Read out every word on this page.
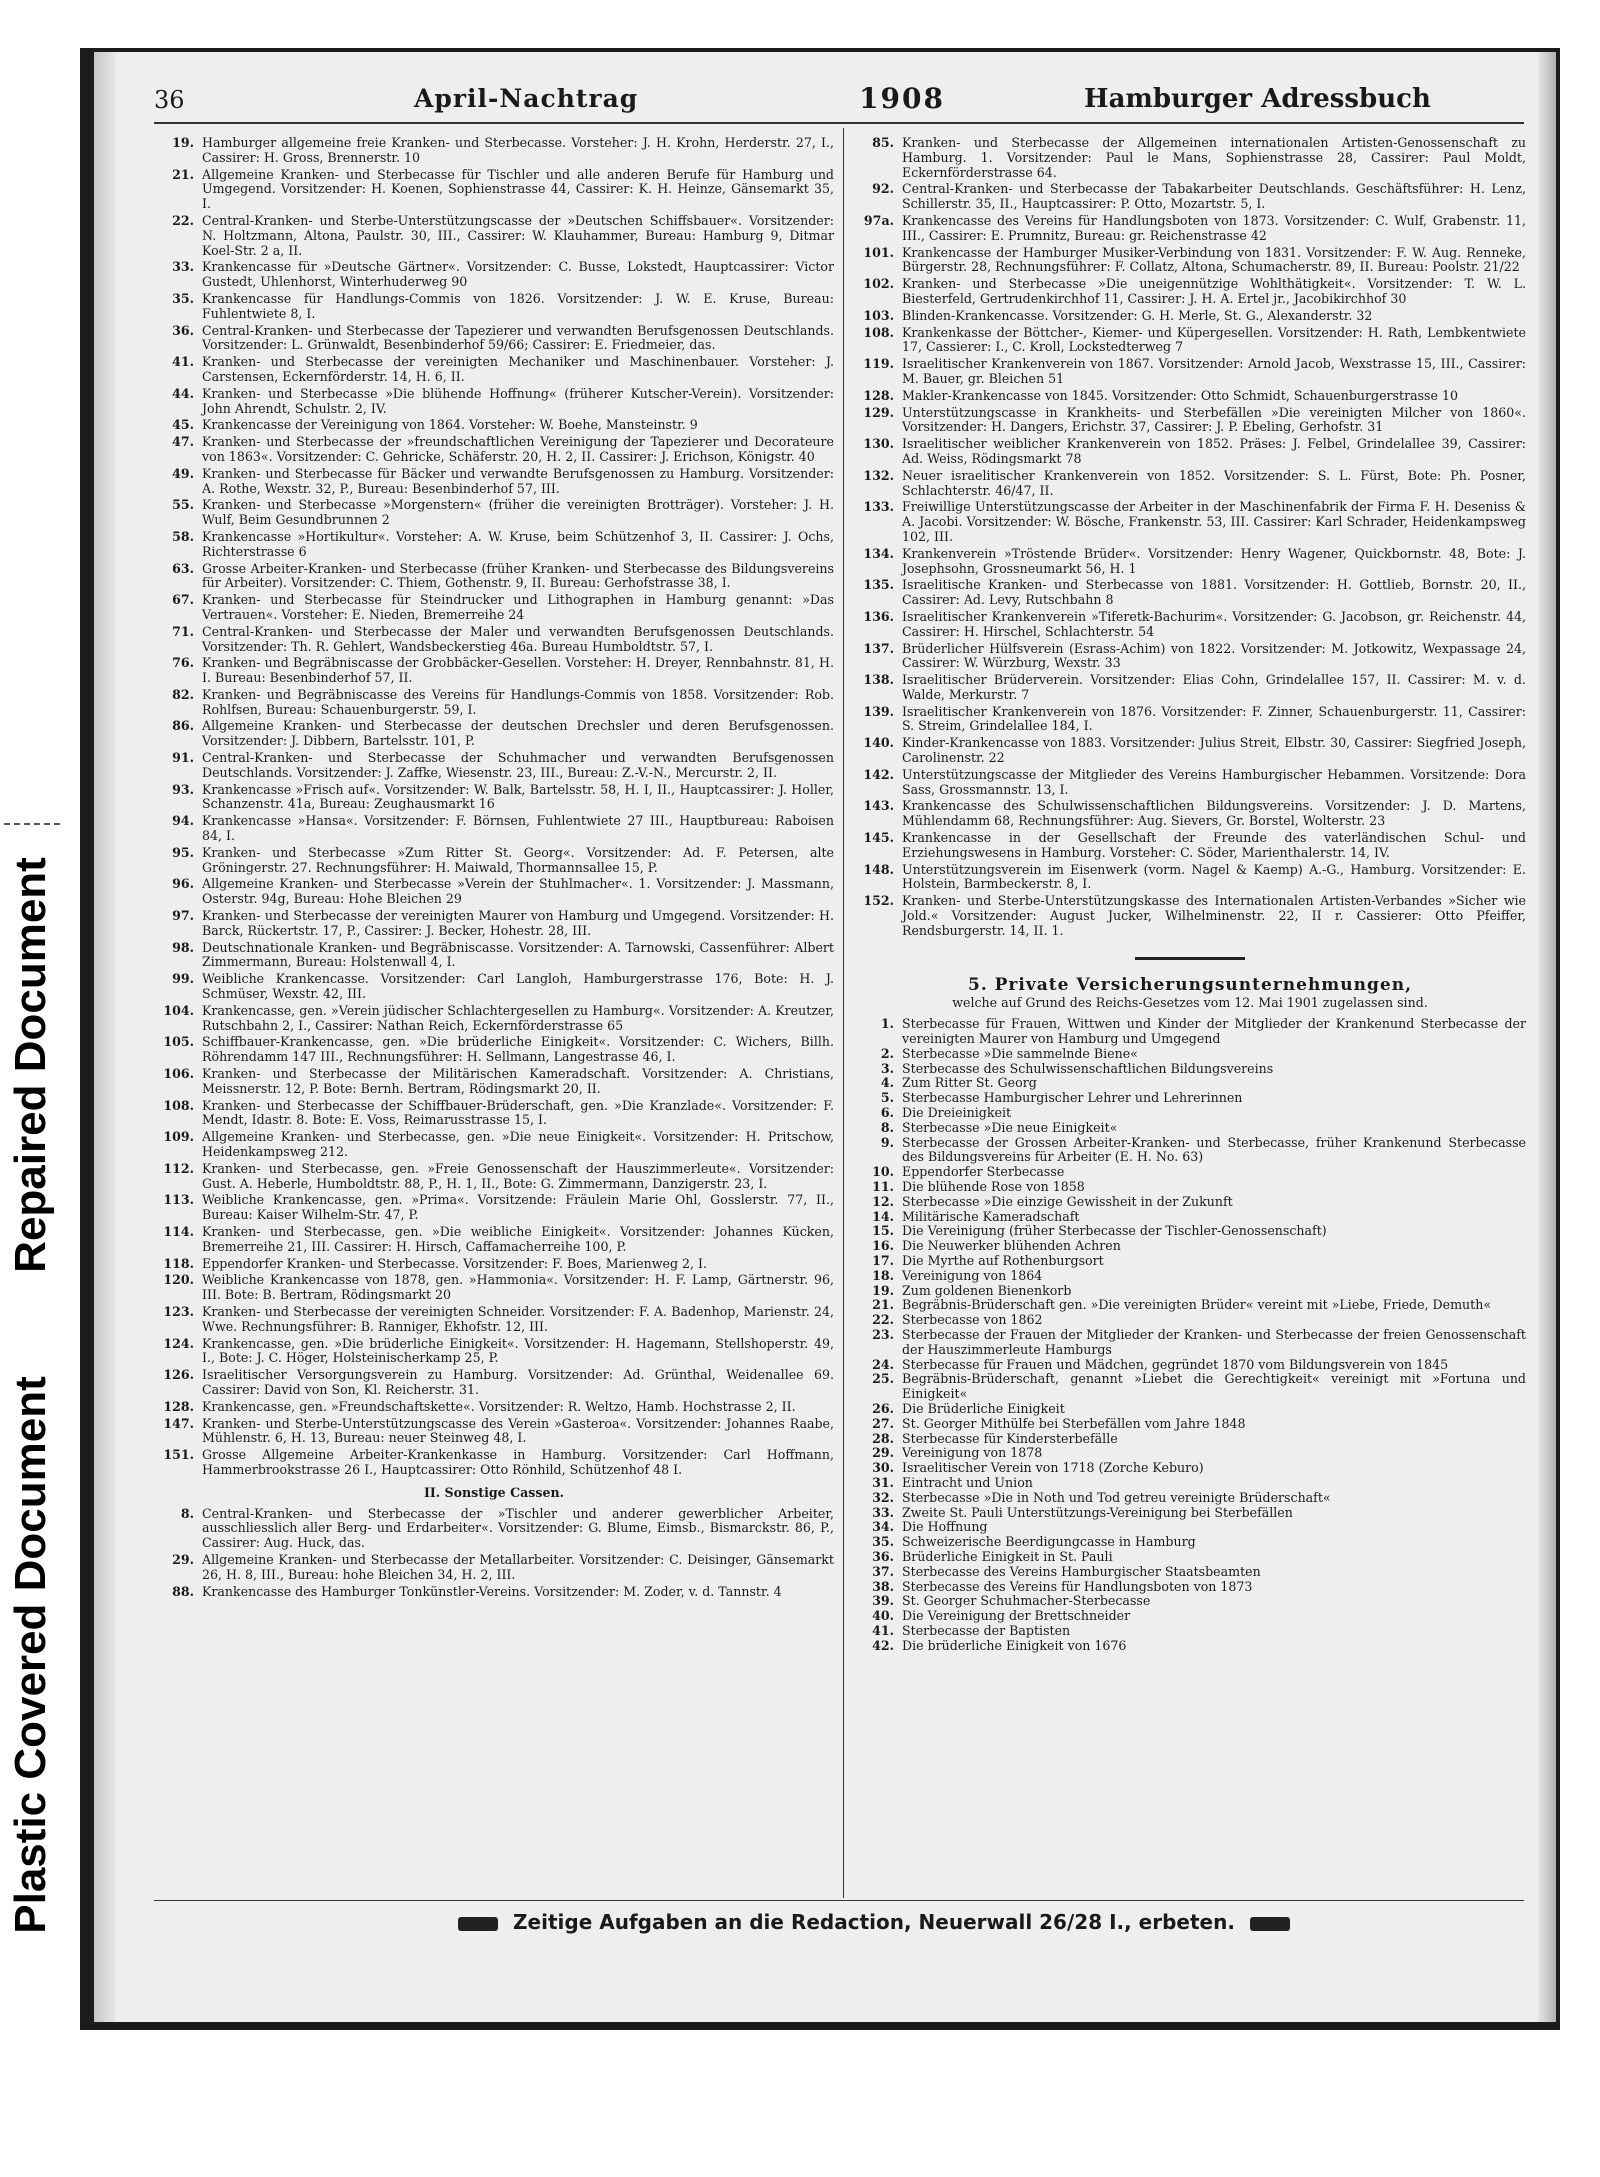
Plastic Covered Document
Repaired Document
36	April-Nachtrag	1908	Hamburger Adressbuch
19. Hamburger allgemeine freie Kranken- und Sterbecasse. Vorsteher: J. H. Krohn, Herderstr. 27, I., Cassirer: H. Gross, Brennerstr. 10
21. Allgemeine Kranken- und Sterbecasse für Tischler und alle anderen Berufe für Hamburg und Umgegend. Vorsitzender: H. Koenen, Sophienstrasse 44, Cassirer: K. H. Heinze, Gänsemarkt 35, I.
22. Central-Kranken- und Sterbe-Unterstützungscasse der »Deutschen Schiffsbauer«. Vorsitzender: N. Holtzmann, Altona, Paulstr. 30, III., Cassirer: W. Klauhammer, Bureau: Hamburg 9, Ditmar Koel-Str. 2 a, II.
33. Krankencasse für »Deutsche Gärtner«. Vorsitzender: C. Busse, Lokstedt, Hauptcassirer: Victor Gustedt, Uhlenhorst, Winterhuderweg 90
35. Krankencasse für Handlungs-Commis von 1826. Vorsitzender: J. W. E. Kruse, Bureau: Fuhlentwiete 8, I.
36. Central-Kranken- und Sterbecasse der Tapezierer und verwandten Berufsgenossen Deutschlands. Vorsitzender: L. Grünwaldt, Besenbinderhof 59/66; Cassirer: E. Friedmeier, das.
41. Kranken- und Sterbecasse der vereinigten Mechaniker und Maschinenbauer. Vorsteher: J. Carstensen, Eckernförderstr. 14, H. 6, II.
44. Kranken- und Sterbecasse »Die blühende Hoffnung« (früherer Kutscher-Verein). Vorsitzender: John Ahrendt, Schulstr. 2, IV.
45. Krankencasse der Vereinigung von 1864. Vorsteher: W. Boehe, Mansteinstr. 9
47. Kranken- und Sterbecasse der »freundschaftlichen Vereinigung der Tapezierer und Decorateure von 1863«. Vorsitzender: C. Gehricke, Schäferstr. 20, H. 2, II. Cassirer: J. Erichson, Königstr. 40
49. Kranken- und Sterbecasse für Bäcker und verwandte Berufsgenossen zu Hamburg. Vorsitzender: A. Rothe, Wexstr. 32, P., Bureau: Besenbinderhof 57, III.
55. Kranken- und Sterbecasse »Morgenstern« (früher die vereinigten Brotträger). Vorsteher: J. H. Wulf, Beim Gesundbrunnen 2
58. Krankencasse »Hortikultur«. Vorsteher: A. W. Kruse, beim Schützenhof 3, II. Cassirer: J. Ochs, Richterstrasse 6
63. Grosse Arbeiter-Kranken- und Sterbecasse (früher Kranken- und Sterbecasse des Bildungsvereins für Arbeiter). Vorsitzender: C. Thiem, Gothenstr. 9, II. Bureau: Gerhofstrasse 38, I.
67. Kranken- und Sterbecasse für Steindrucker und Lithographen in Hamburg genannt: »Das Vertrauen«. Vorsteher: E. Nieden, Bremerreihe 24
71. Central-Kranken- und Sterbecasse der Maler und verwandten Berufsgenossen Deutschlands. Vorsitzender: Th. R. Gehlert, Wandsbeckerstieg 46a. Bureau Humboldtstr. 57, I.
76. Kranken- und Begräbniscasse der Grobbäcker-Gesellen. Vorsteher: H. Dreyer, Rennbahnstr. 81, H. I. Bureau: Besenbinderhof 57, II.
82. Kranken- und Begräbniscasse des Vereins für Handlungs-Commis von 1858. Vorsitzender: Rob. Rohlfsen, Bureau: Schauenburgerstr. 59, I.
86. Allgemeine Kranken- und Sterbecasse der deutschen Drechsler und deren Berufsgenossen. Vorsitzender: J. Dibbern, Bartelsstr. 101, P.
91. Central-Kranken- und Sterbecasse der Schuhmacher und verwandten Berufsgenossen Deutschlands. Vorsitzender: J. Zaffke, Wiesenstr. 23, III., Bureau: Z.-V.-N., Mercurstr. 2, II.
93. Krankencasse »Frisch auf«. Vorsitzender: W. Balk, Bartelsstr. 58, H. I, II., Hauptcassirer: J. Holler, Schanzenstr. 41a, Bureau: Zeughausmarkt 16
94. Krankencasse »Hansa«. Vorsitzender: F. Börnsen, Fuhlentwiete 27 III., Hauptbureau: Raboisen 84, I.
95. Kranken- und Sterbecasse »Zum Ritter St. Georg«. Vorsitzender: Ad. F. Petersen, alte Gröningerstr. 27. Rechnungsführer: H. Maiwald, Thormannsallee 15, P.
96. Allgemeine Kranken- und Sterbecasse »Verein der Stuhlmacher«. 1. Vorsitzender: J. Massmann, Osterstr. 94g, Bureau: Hohe Bleichen 29
97. Kranken- und Sterbecasse der vereinigten Maurer von Hamburg und Umgegend. Vorsitzender: H. Barck, Rückertstr. 17, P., Cassirer: J. Becker, Hohestr. 28, III.
98. Deutschnationale Kranken- und Begräbniscasse. Vorsitzender: A. Tarnowski, Cassenführer: Albert Zimmermann, Bureau: Holstenwall 4, I.
99. Weibliche Krankencasse. Vorsitzender: Carl Langloh, Hamburgerstrasse 176, Bote: H. J. Schmüser, Wexstr. 42, III.
104. Krankencasse, gen. »Verein jüdischer Schlachtergesellen zu Hamburg«. Vorsitzender: A. Kreutzer, Rutschbahn 2, I., Cassirer: Nathan Reich, Eckernförderstrasse 65
105. Schiffbauer-Krankencasse, gen. »Die brüderliche Einigkeit«. Vorsitzender: C. Wichers, Billh. Röhrendamm 147 III., Rechnungsführer: H. Sellmann, Langestrasse 46, I.
106. Kranken- und Sterbecasse der Militärischen Kameradschaft. Vorsitzender: A. Christians, Meissnerstr. 12, P. Bote: Bernh. Bertram, Rödingsmarkt 20, II.
108. Kranken- und Sterbecasse der Schiffbauer-Brüderschaft, gen. »Die Kranzlade«. Vorsitzender: F. Mendt, Idastr. 8. Bote: E. Voss, Reimarusstrasse 15, I.
109. Allgemeine Kranken- und Sterbecasse, gen. »Die neue Einigkeit«. Vorsitzender: H. Pritschow, Heidenkampsweg 212.
112. Kranken- und Sterbecasse, gen. »Freie Genossenschaft der Hauszimmerleute«. Vorsitzender: Gust. A. Heberle, Humboldtstr. 88, P., H. 1, II., Bote: G. Zimmermann, Danzigerstr. 23, I.
113. Weibliche Krankencasse, gen. »Prima«. Vorsitzende: Fräulein Marie Ohl, Gosslerstr. 77, II., Bureau: Kaiser Wilhelm-Str. 47, P.
114. Kranken- und Sterbecasse, gen. »Die weibliche Einigkeit«. Vorsitzender: Johannes Kücken, Bremerreihe 21, III. Cassirer: H. Hirsch, Caffamacherreihe 100, P.
118. Eppendorfer Kranken- und Sterbecasse. Vorsitzender: F. Boes, Marienweg 2, I.
120. Weibliche Krankencasse von 1878, gen. »Hammonia«. Vorsitzender: H. F. Lamp, Gärtnerstr. 96, III. Bote: B. Bertram, Rödingsmarkt 20
123. Kranken- und Sterbecasse der vereinigten Schneider. Vorsitzender: F. A. Badenhop, Marienstr. 24, Wwe. Rechnungsführer: B. Ranniger, Ekhofstr. 12, III.
124. Krankencasse, gen. »Die brüderliche Einigkeit«. Vorsitzender: H. Hagemann, Stellshoperstr. 49, I., Bote: J. C. Höger, Holsteinischerkamp 25, P.
126. Israelitischer Versorgungsverein zu Hamburg. Vorsitzender: Ad. Grünthal, Weidenallee 69. Cassirer: David von Son, Kl. Reicherstr. 31.
128. Krankencasse, gen. »Freundschaftskette«. Vorsitzender: R. Weltzo, Hamb. Hochstrasse 2, II.
147. Kranken- und Sterbe-Unterstützungscasse des Verein »Gasteroa«. Vorsitzender: Johannes Raabe, Mühlenstr. 6, H. 13, Bureau: neuer Steinweg 48, I.
151. Grosse Allgemeine Arbeiter-Krankenkasse in Hamburg. Vorsitzender: Carl Hoffmann, Hammerbrookstrasse 26 I., Hauptcassirer: Otto Rönhild, Schützenhof 48 I.
II. Sonstige Cassen.
8. Central-Kranken- und Sterbecasse der »Tischler und anderer gewerblicher Arbeiter, ausschliesslich aller Berg- und Erdarbeiter«. Vorsitzender: G. Blume, Eimsb., Bismarckstr. 86, P., Cassirer: Aug. Huck, das.
29. Allgemeine Kranken- und Sterbecasse der Metallarbeiter. Vorsitzender: C. Deisinger, Gänsemarkt 26, H. 8, III., Bureau: hohe Bleichen 34, H. 2, III.
88. Krankencasse des Hamburger Tonkünstler-Vereins. Vorsitzender: M. Zoder, v. d. Tannstr. 4
85. Kranken- und Sterbecasse der Allgemeinen internationalen Artisten-Genossenschaft zu Hamburg. 1. Vorsitzender: Paul le Mans, Sophienstrasse 28, Cassirer: Paul Moldt, Eckernförderstrasse 64.
92. Central-Kranken- und Sterbecasse der Tabakarbeiter Deutschlands. Geschäftsführer: H. Lenz, Schillerstr. 35, II., Hauptcassirer: P. Otto, Mozartstr. 5, I.
97a. Krankencasse des Vereins für Handlungsboten von 1873. Vorsitzender: C. Wulf, Grabenstr. 11, III., Cassirer: E. Prumnitz, Bureau: gr. Reichenstrasse 42
101. Krankencasse der Hamburger Musiker-Verbindung von 1831. Vorsitzender: F. W. Aug. Renneke, Bürgerstr. 28, Rechnungsführer: F. Collatz, Altona, Schumacherstr. 89, II. Bureau: Poolstr. 21/22
102. Kranken- und Sterbecasse »Die uneigennützige Wohlthätigkeit«. Vorsitzender: T. W. L. Biesterfeld, Gertrudenkirchhof 11, Cassirer: J. H. A. Ertel jr., Jacobikirchhof 30
103. Blinden-Krankencasse. Vorsitzender: G. H. Merle, St. G., Alexanderstr. 32
108. Krankenkasse der Böttcher-, Kiemer- und Küpergesellen. Vorsitzender: H. Rath, Lembkentwiete 17, Cassierer: I., C. Kroll, Lockstedterweg 7
119. Israelitischer Krankenverein von 1867. Vorsitzender: Arnold Jacob, Wexstrasse 15, III., Cassirer: M. Bauer, gr. Bleichen 51
128. Makler-Krankencasse von 1845. Vorsitzender: Otto Schmidt, Schauenburgerstrasse 10
129. Unterstützungscasse in Krankheits- und Sterbefällen »Die vereinigten Milcher von 1860«. Vorsitzender: H. Dangers, Erichstr. 37, Cassirer: J. P. Ebeling, Gerhofstr. 31
130. Israelitischer weiblicher Krankenverein von 1852. Präses: J. Felbel, Grindelallee 39, Cassirer: Ad. Weiss, Rödingsmarkt 78
132. Neuer israelitischer Krankenverein von 1852. Vorsitzender: S. L. Fürst, Bote: Ph. Posner, Schlachterstr. 46/47, II.
133. Freiwillige Unterstützungscasse der Arbeiter in der Maschinenfabrik der Firma F. H. Deseniss & A. Jacobi. Vorsitzender: W. Bösche, Frankenstr. 53, III. Cassirer: Karl Schrader, Heidenkampsweg 102, III.
134. Krankenverein »Tröstende Brüder«. Vorsitzender: Henry Wagener, Quickbornstr. 48, Bote: J. Josephsohn, Grossneumarkt 56, H. 1
135. Israelitische Kranken- und Sterbecasse von 1881. Vorsitzender: H. Gottlieb, Bornstr. 20, II., Cassirer: Ad. Levy, Rutschbahn 8
136. Israelitischer Krankenverein »Tiferetk-Bachurim«. Vorsitzender: G. Jacobson, gr. Reichenstr. 44, Cassirer: H. Hirschel, Schlachterstr. 54
137. Brüderlicher Hülfsverein (Esrass-Achim) von 1822. Vorsitzender: M. Jotkowitz, Wexpassage 24, Cassirer: W. Würzburg, Wexstr. 33
138. Israelitischer Brüderverein. Vorsitzender: Elias Cohn, Grindelallee 157, II. Cassirer: M. v. d. Walde, Merkurstr. 7
139. Israelitischer Krankenverein von 1876. Vorsitzender: F. Zinner, Schauenburgerstr. 11, Cassirer: S. Streim, Grindelallee 184, I.
140. Kinder-Krankencasse von 1883. Vorsitzender: Julius Streit, Elbstr. 30, Cassirer: Siegfried Joseph, Carolinenstr. 22
142. Unterstützungscasse der Mitglieder des Vereins Hamburgischer Hebammen. Vorsitzende: Dora Sass, Grossmannstr. 13, I.
143. Krankencasse des Schulwissenschaftlichen Bildungsvereins. Vorsitzender: J. D. Martens, Mühlendamm 68, Rechnungsführer: Aug. Sievers, Gr. Borstel, Wolterstr. 23
145. Krankencasse in der Gesellschaft der Freunde des vaterländischen Schul- und Erziehungswesens in Hamburg. Vorsteher: C. Söder, Marienthalerstr. 14, IV.
148. Unterstützungsverein im Eisenwerk (vorm. Nagel & Kaemp) A.-G., Hamburg. Vorsitzender: E. Holstein, Barmbeckerstr. 8, I.
152. Kranken- und Sterbe-Unterstützungskasse des Internationalen Artisten-Verbandes »Sicher wie Jold.« Vorsitzender: August Jucker, Wilhelminenstr. 22, II r. Cassierer: Otto Pfeiffer, Rendsburgerstr. 14, II. 1.
5. Private Versicherungsunternehmungen,
welche auf Grund des Reichs-Gesetzes vom 12. Mai 1901 zugelassen sind.
1. Sterbecasse für Frauen, Wittwen und Kinder der Mitglieder der Krankenund Sterbecasse der vereinigten Maurer von Hamburg und Umgegend
2. Sterbecasse »Die sammelnde Biene«
3. Sterbecasse des Schulwissenschaftlichen Bildungsvereins
4. Zum Ritter St. Georg
5. Sterbecasse Hamburgischer Lehrer und Lehrerinnen
6. Die Dreieinigkeit
8. Sterbecasse »Die neue Einigkeit«
9. Sterbecasse der Grossen Arbeiter-Kranken- und Sterbecasse, früher Krankenund Sterbecasse des Bildungsvereins für Arbeiter (E. H. No. 63)
10. Eppendorfer Sterbecasse
11. Die blühende Rose von 1858
12. Sterbecasse »Die einzige Gewissheit in der Zukunft
14. Militärische Kameradschaft
15. Die Vereinigung (früher Sterbecasse der Tischler-Genossenschaft)
16. Die Neuwerker blühenden Achren
17. Die Myrthe auf Rothenburgsort
18. Vereinigung von 1864
19. Zum goldenen Bienenkorb
21. Begräbnis-Brüderschaft gen. »Die vereinigten Brüder« vereint mit »Liebe, Friede, Demuth«
22. Sterbecasse von 1862
23. Sterbecasse der Frauen der Mitglieder der Kranken- und Sterbecasse der freien Genossenschaft der Hauszimmerleute Hamburgs
24. Sterbecasse für Frauen und Mädchen, gegründet 1870 vom Bildungsverein von 1845
25. Begräbnis-Brüderschaft, genannt »Liebet die Gerechtigkeit« vereinigt mit »Fortuna und Einigkeit«
26. Die Brüderliche Einigkeit
27. St. Georger Mithülfe bei Sterbefällen vom Jahre 1848
28. Sterbecasse für Kindersterbefälle
29. Vereinigung von 1878
30. Israelitischer Verein von 1718 (Zorche Keburo)
31. Eintracht und Union
32. Sterbecasse »Die in Noth und Tod getreu vereinigte Brüderschaft«
33. Zweite St. Pauli Unterstützungs-Vereinigung bei Sterbefällen
34. Die Hoffnung
35. Schweizerische Beerdigungcasse in Hamburg
36. Brüderliche Einigkeit in St. Pauli
37. Sterbecasse des Vereins Hamburgischer Staatsbeamten
38. Sterbecasse des Vereins für Handlungsboten von 1873
39. St. Georger Schuhmacher-Sterbecasse
40. Die Vereinigung der Brettschneider
41. Sterbecasse der Baptisten
42. Die brüderliche Einigkeit von 1676
Zeitige Aufgaben an die Redaction, Neuerwall 26/28 I., erbeten.
